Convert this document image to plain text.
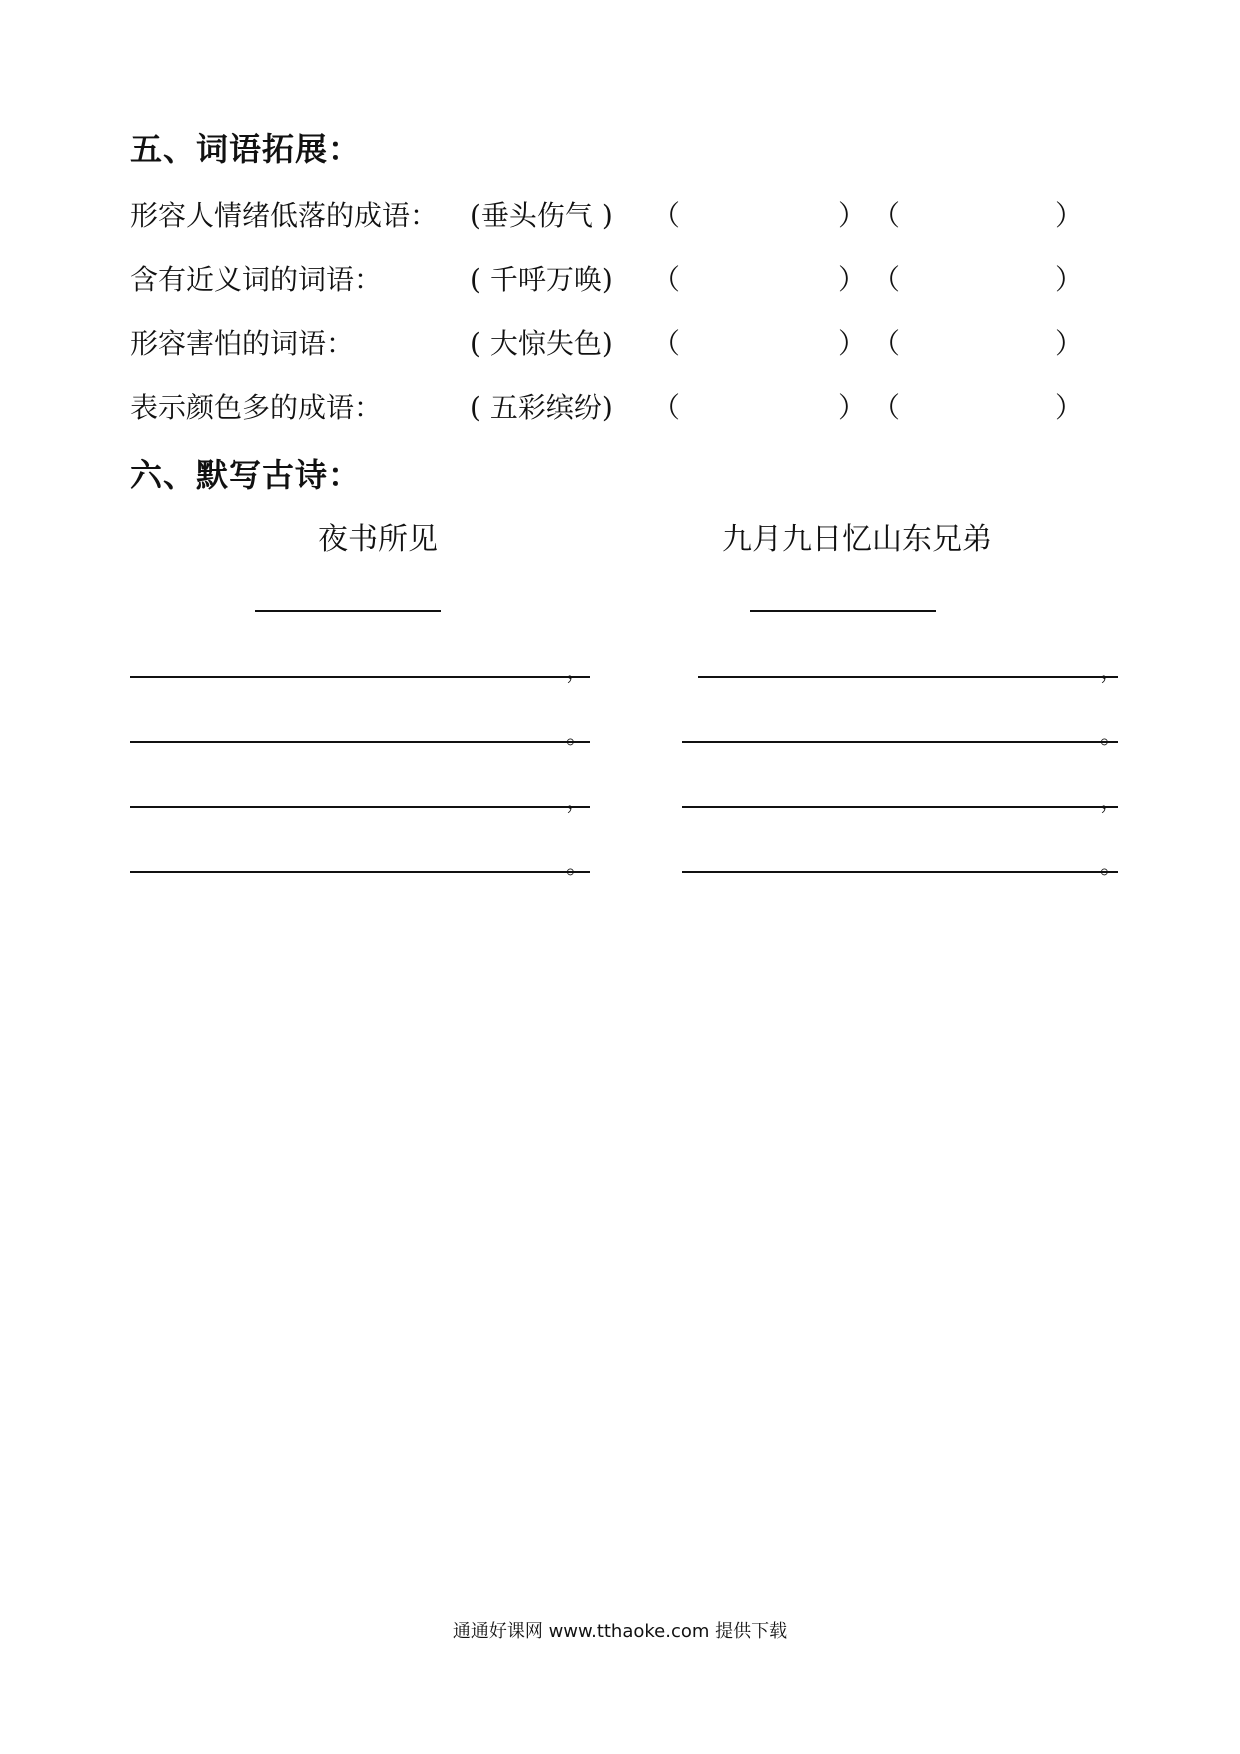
五、词语拓展：
形容人情绪低落的成语： (垂头伤气 ) （	） （	）
含有近义词的词语：	( 千呼万唤) （	） （	）
形容害怕的词语：	( 大惊失色) （	） （	）
表示颜色多的成语：	( 五彩缤纷) （	） （	）
六、默写古诗：
夜书所见	九月九日忆山东兄弟
，
。
，
。
，
。
，
。
通通好课网 www.tthaoke.com 提供下载
